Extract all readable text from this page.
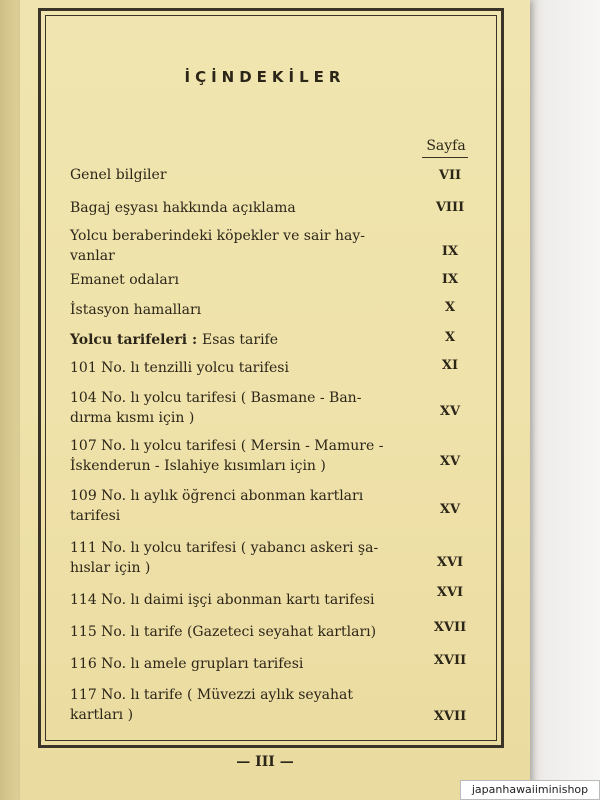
İÇİNDEKİLER
Sayfa
Genel bilgiler	VII
Bagaj eşyası hakkında açıklama	VIII
Yolcu beraberindeki köpekler ve sair hay-
vanlar	IX
Emanet odaları	IX
İstasyon hamalları	X
Yolcu tarifeleri : Esas tarife	X
101 No. lı tenzilli yolcu tarifesi	XI
104 No. lı yolcu tarifesi ( Basmane - Ban-
dırma kısmı için )	XV
107 No. lı yolcu tarifesi ( Mersin - Mamure -
İskenderun - Islahiye kısımları için )	XV
109 No. lı aylık öğrenci abonman kartları
tarifesi	XV
111 No. lı yolcu tarifesi ( yabancı askeri şa-
hıslar için )	XVI
114 No. lı daimi işçi abonman kartı tarifesi	XVI
115 No. lı tarife (Gazeteci seyahat kartları)	XVII
116 No. lı amele grupları tarifesi	XVII
117 No. lı tarife ( Müvezzi aylık seyahat
kartları )	XVII
— III —
japanhawaiiminishop
